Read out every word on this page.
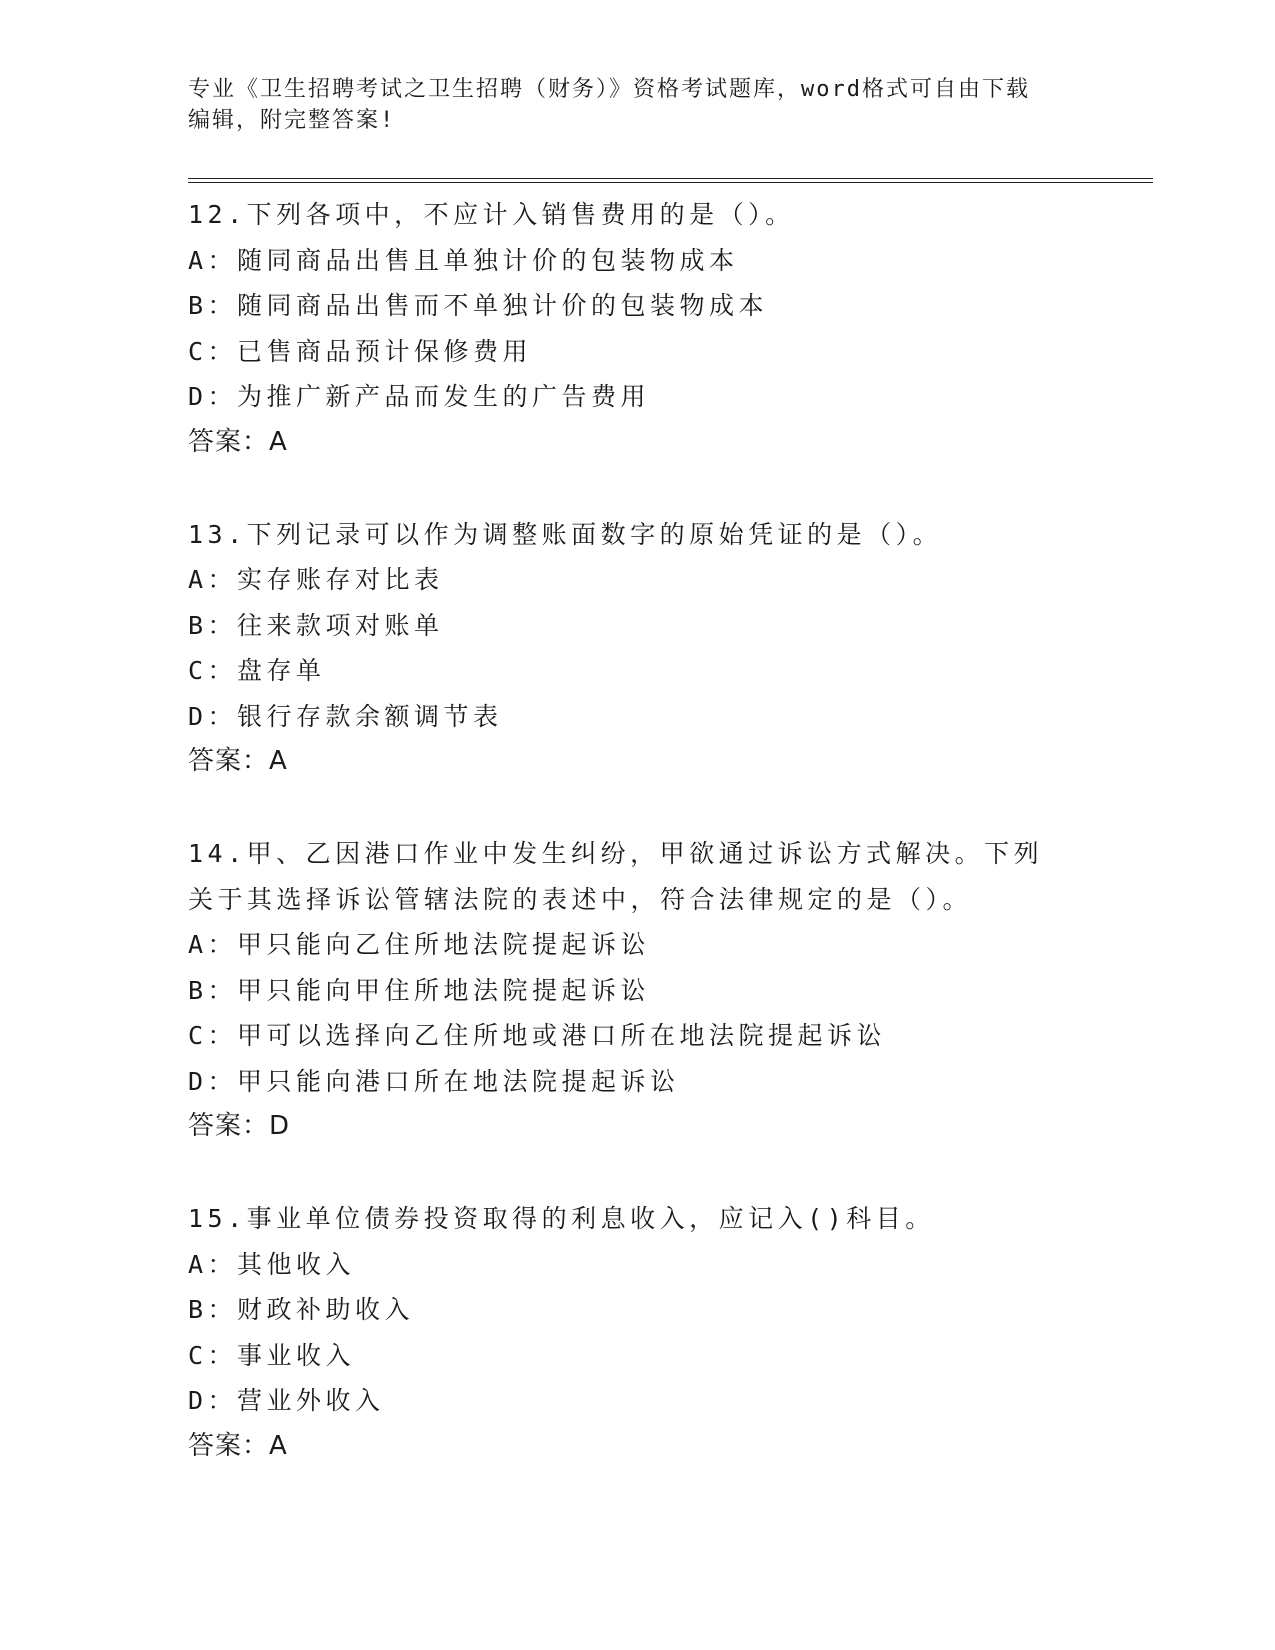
专业《卫生招聘考试之卫生招聘（财务）》资格考试题库，word格式可自由下载
编辑，附完整答案!
12.下列各项中，不应计入销售费用的是（）。
A：随同商品出售且单独计价的包装物成本
B：随同商品出售而不单独计价的包装物成本
C：已售商品预计保修费用
D：为推广新产品而发生的广告费用
答案：A
13.下列记录可以作为调整账面数字的原始凭证的是（）。
A：实存账存对比表
B：往来款项对账单
C：盘存单
D：银行存款余额调节表
答案：A
14.甲、乙因港口作业中发生纠纷，甲欲通过诉讼方式解决。下列关于其选择诉讼管辖法院的表述中，符合法律规定的是（）。
A：甲只能向乙住所地法院提起诉讼
B：甲只能向甲住所地法院提起诉讼
C：甲可以选择向乙住所地或港口所在地法院提起诉讼
D：甲只能向港口所在地法院提起诉讼
答案：D
15.事业单位债券投资取得的利息收入，应记入()科目。
A：其他收入
B：财政补助收入
C：事业收入
D：营业外收入
答案：A
